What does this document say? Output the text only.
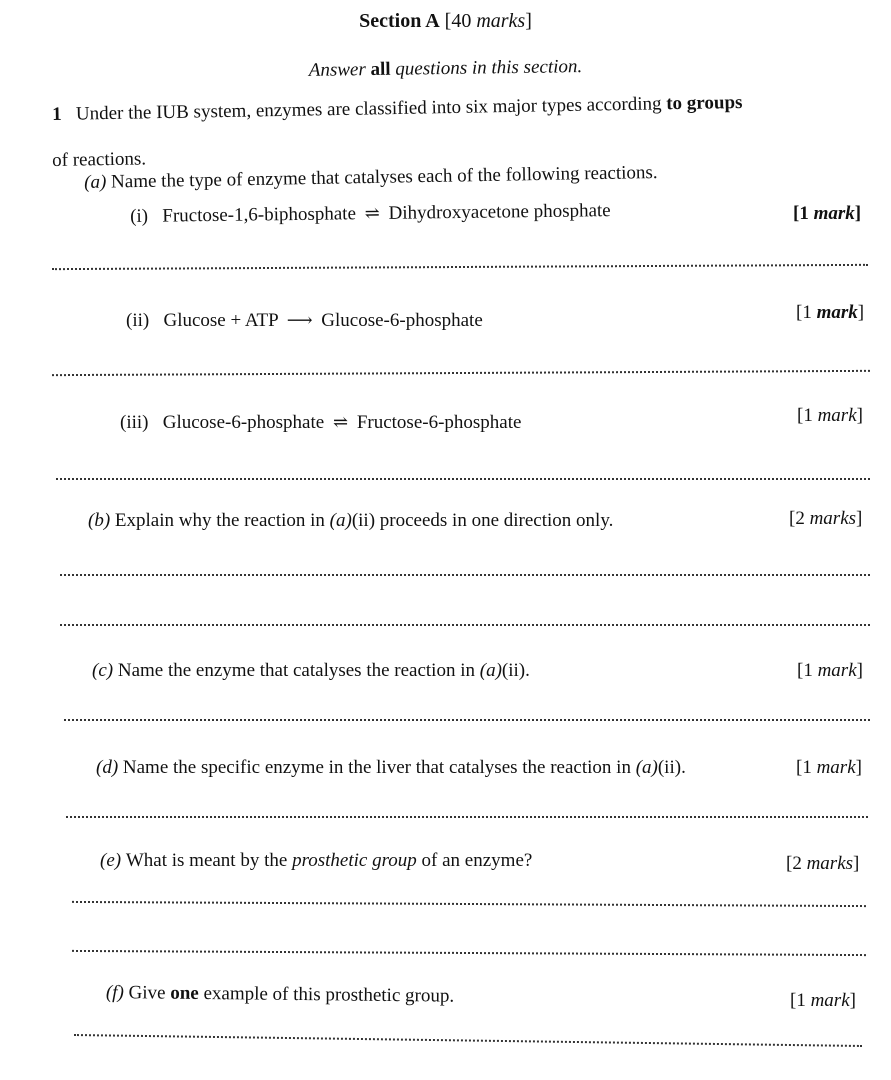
Section A [40 marks]
Answer all questions in this section.
1 Under the IUB system, enzymes are classified into six major types according to groups
of reactions.
(a) Name the type of enzyme that catalyses each of the following reactions.
(i) Fructose-1,6-biphosphate ⇌ Dihydroxyacetone phosphate	[1 mark]
(ii) Glucose + ATP ⟶ Glucose-6-phosphate	[1 mark]
(iii) Glucose-6-phosphate ⇌ Fructose-6-phosphate	[1 mark]
(b) Explain why the reaction in (a)(ii) proceeds in one direction only.	[2 marks]
(c) Name the enzyme that catalyses the reaction in (a)(ii).	[1 mark]
(d) Name the specific enzyme in the liver that catalyses the reaction in (a)(ii).	[1 mark]
(e) What is meant by the prosthetic group of an enzyme?	[2 marks]
(f) Give one example of this prosthetic group.	[1 mark]
